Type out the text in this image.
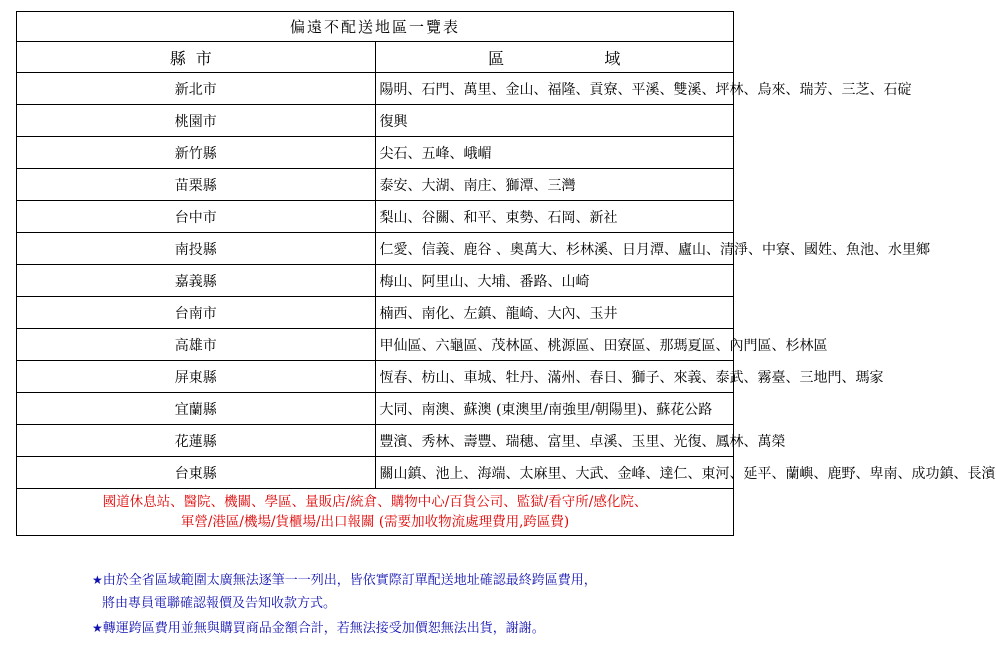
偏遠不配送地區一覽表	
縣市	區 域
新北市	陽明、石門、萬里、金山、福隆、貢寮、平溪、雙溪、坪林、烏來、瑞芳、三芝、石碇
桃園市	復興
新竹縣	尖石、五峰、峨嵋
苗栗縣	泰安、大湖、南庄、獅潭、三灣
台中市	梨山、谷關、和平、東勢、石岡、新社
南投縣	仁愛、信義、鹿谷 、奧萬大、杉林溪、日月潭、廬山、清淨、中寮、國姓、魚池、水里鄉
嘉義縣	梅山、阿里山、大埔、番路、山崎
台南市	楠西、南化、左鎮、龍崎、大內、玉井
高雄市	甲仙區、六龜區、茂林區、桃源區、田寮區、那瑪夏區、內門區、杉林區
屏東縣	恆春、枋山、車城、牡丹、滿州、春日、獅子、來義、泰武、霧臺、三地門、瑪家
宜蘭縣	大同、南澳、蘇澳 (東澳里/南強里/朝陽里)、蘇花公路
花蓮縣	豐濱、秀林、壽豐、瑞穗、富里、卓溪、玉里、光復、鳳林、萬榮
台東縣	關山鎮、池上、海端、太麻里、大武、金峰、達仁、東河、延平、蘭嶼、鹿野、卑南、成功鎮、長濱

國道休息站、醫院、機關、學區、量販店/統倉、購物中心/百貨公司、監獄/看守所/感化院、
軍營/港區/機場/貨櫃場/出口報關 (需要加收物流處理費用,跨區費)	
★由於全省區域範圍太廣無法逐筆一一列出，皆依實際訂單配送地址確認最終跨區費用，
將由專員電聯確認報價及告知收款方式。
★轉運跨區費用並無與購買商品金額合計，若無法接受加價恕無法出貨，謝謝。
